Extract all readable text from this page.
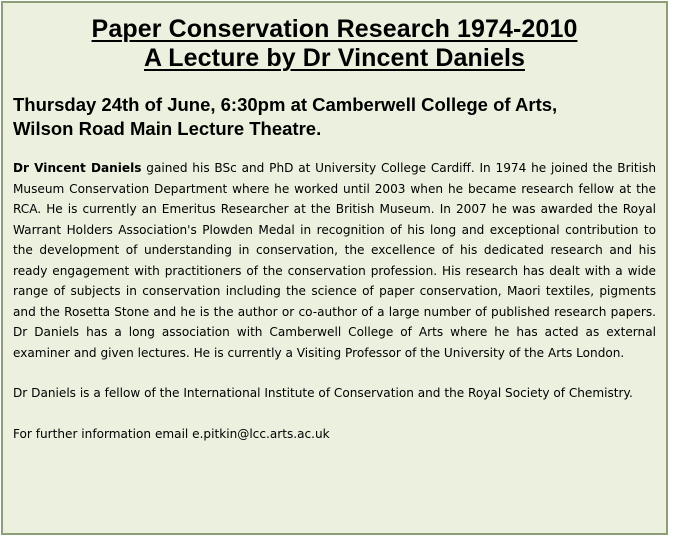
Paper Conservation Research 1974-2010
A Lecture by Dr Vincent Daniels
Thursday 24th of June, 6:30pm at Camberwell College of Arts,
Wilson Road Main Lecture Theatre.
Dr Vincent Daniels gained his BSc and PhD at University College Cardiff. In 1974 he joined the British Museum Conservation Department where he worked until 2003 when he became research fellow at the RCA. He is currently an Emeritus Researcher at the British Museum. In 2007 he was awarded the Royal Warrant Holders Association's Plowden Medal in recognition of his long and exceptional contribution to the development of understanding in conservation, the excellence of his dedicated research and his ready engagement with practitioners of the conservation profession. His research has dealt with a wide range of subjects in conservation including the science of paper conservation, Maori textiles, pigments and the Rosetta Stone and he is the author or co-author of a large number of published research papers. Dr Daniels has a long association with Camberwell College of Arts where he has acted as external examiner and given lectures. He is currently a Visiting Professor of the University of the Arts London.
Dr Daniels is a fellow of the International Institute of Conservation and the Royal Society of Chemistry.
For further information email e.pitkin@lcc.arts.ac.uk
